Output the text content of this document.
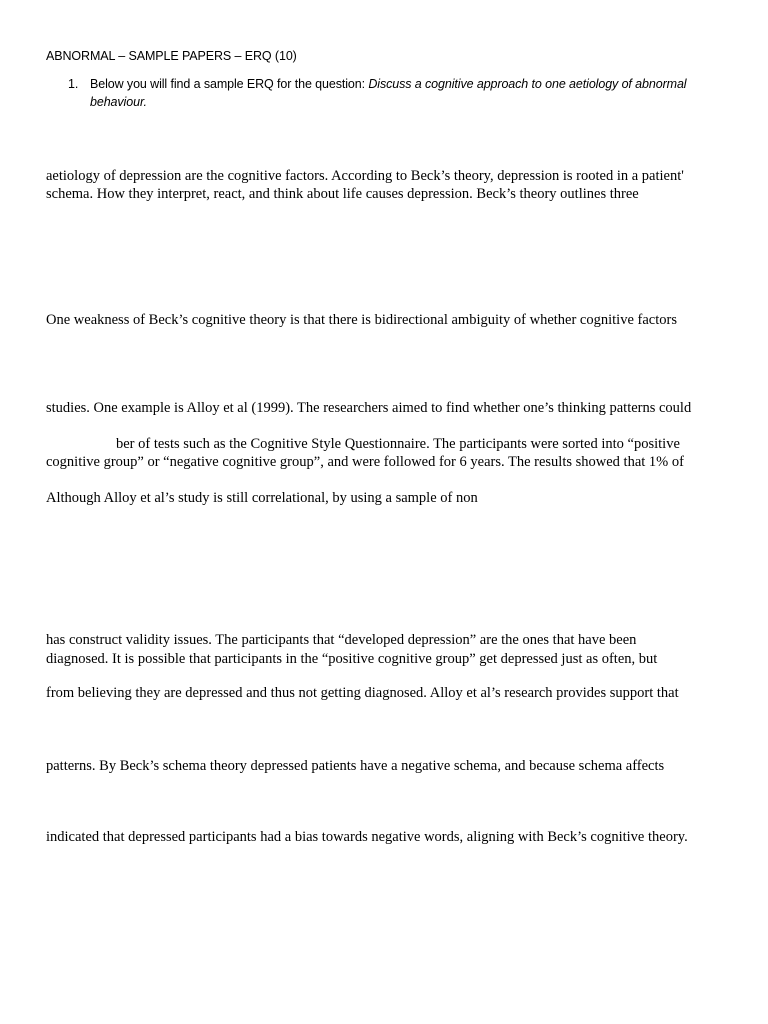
ABNORMAL – SAMPLE PAPERS – ERQ (10)

1. Below you will find a sample ERQ for the question: Discuss a cognitive approach to one aetiology of abnormal

behaviour.

aetiology of depression are the cognitive factors. According to Beck’s theory, depression is rooted in a patient'

schema. How they interpret, react, and think about life causes depression. Beck’s theory outlines three

One weakness of Beck’s cognitive theory is that there is bidirectional ambiguity of whether cognitive factors

studies. One example is Alloy et al (1999). The researchers aimed to find whether one’s thinking patterns could

ber of tests such as the Cognitive Style Questionnaire. The participants were sorted into “positive

cognitive group” or “negative cognitive group”, and were followed for 6 years. The results showed that 1% of

Although Alloy et al’s study is still correlational, by using a sample of non

has construct validity issues. The participants that “developed depression” are the ones that have been

diagnosed. It is possible that participants in the “positive cognitive group” get depressed just as often, but

from believing they are depressed and thus not getting diagnosed. Alloy et al’s research provides support that

patterns. By Beck’s schema theory depressed patients have a negative schema, and because schema affects

indicated that depressed participants had a bias towards negative words, aligning with Beck’s cognitive theory.
